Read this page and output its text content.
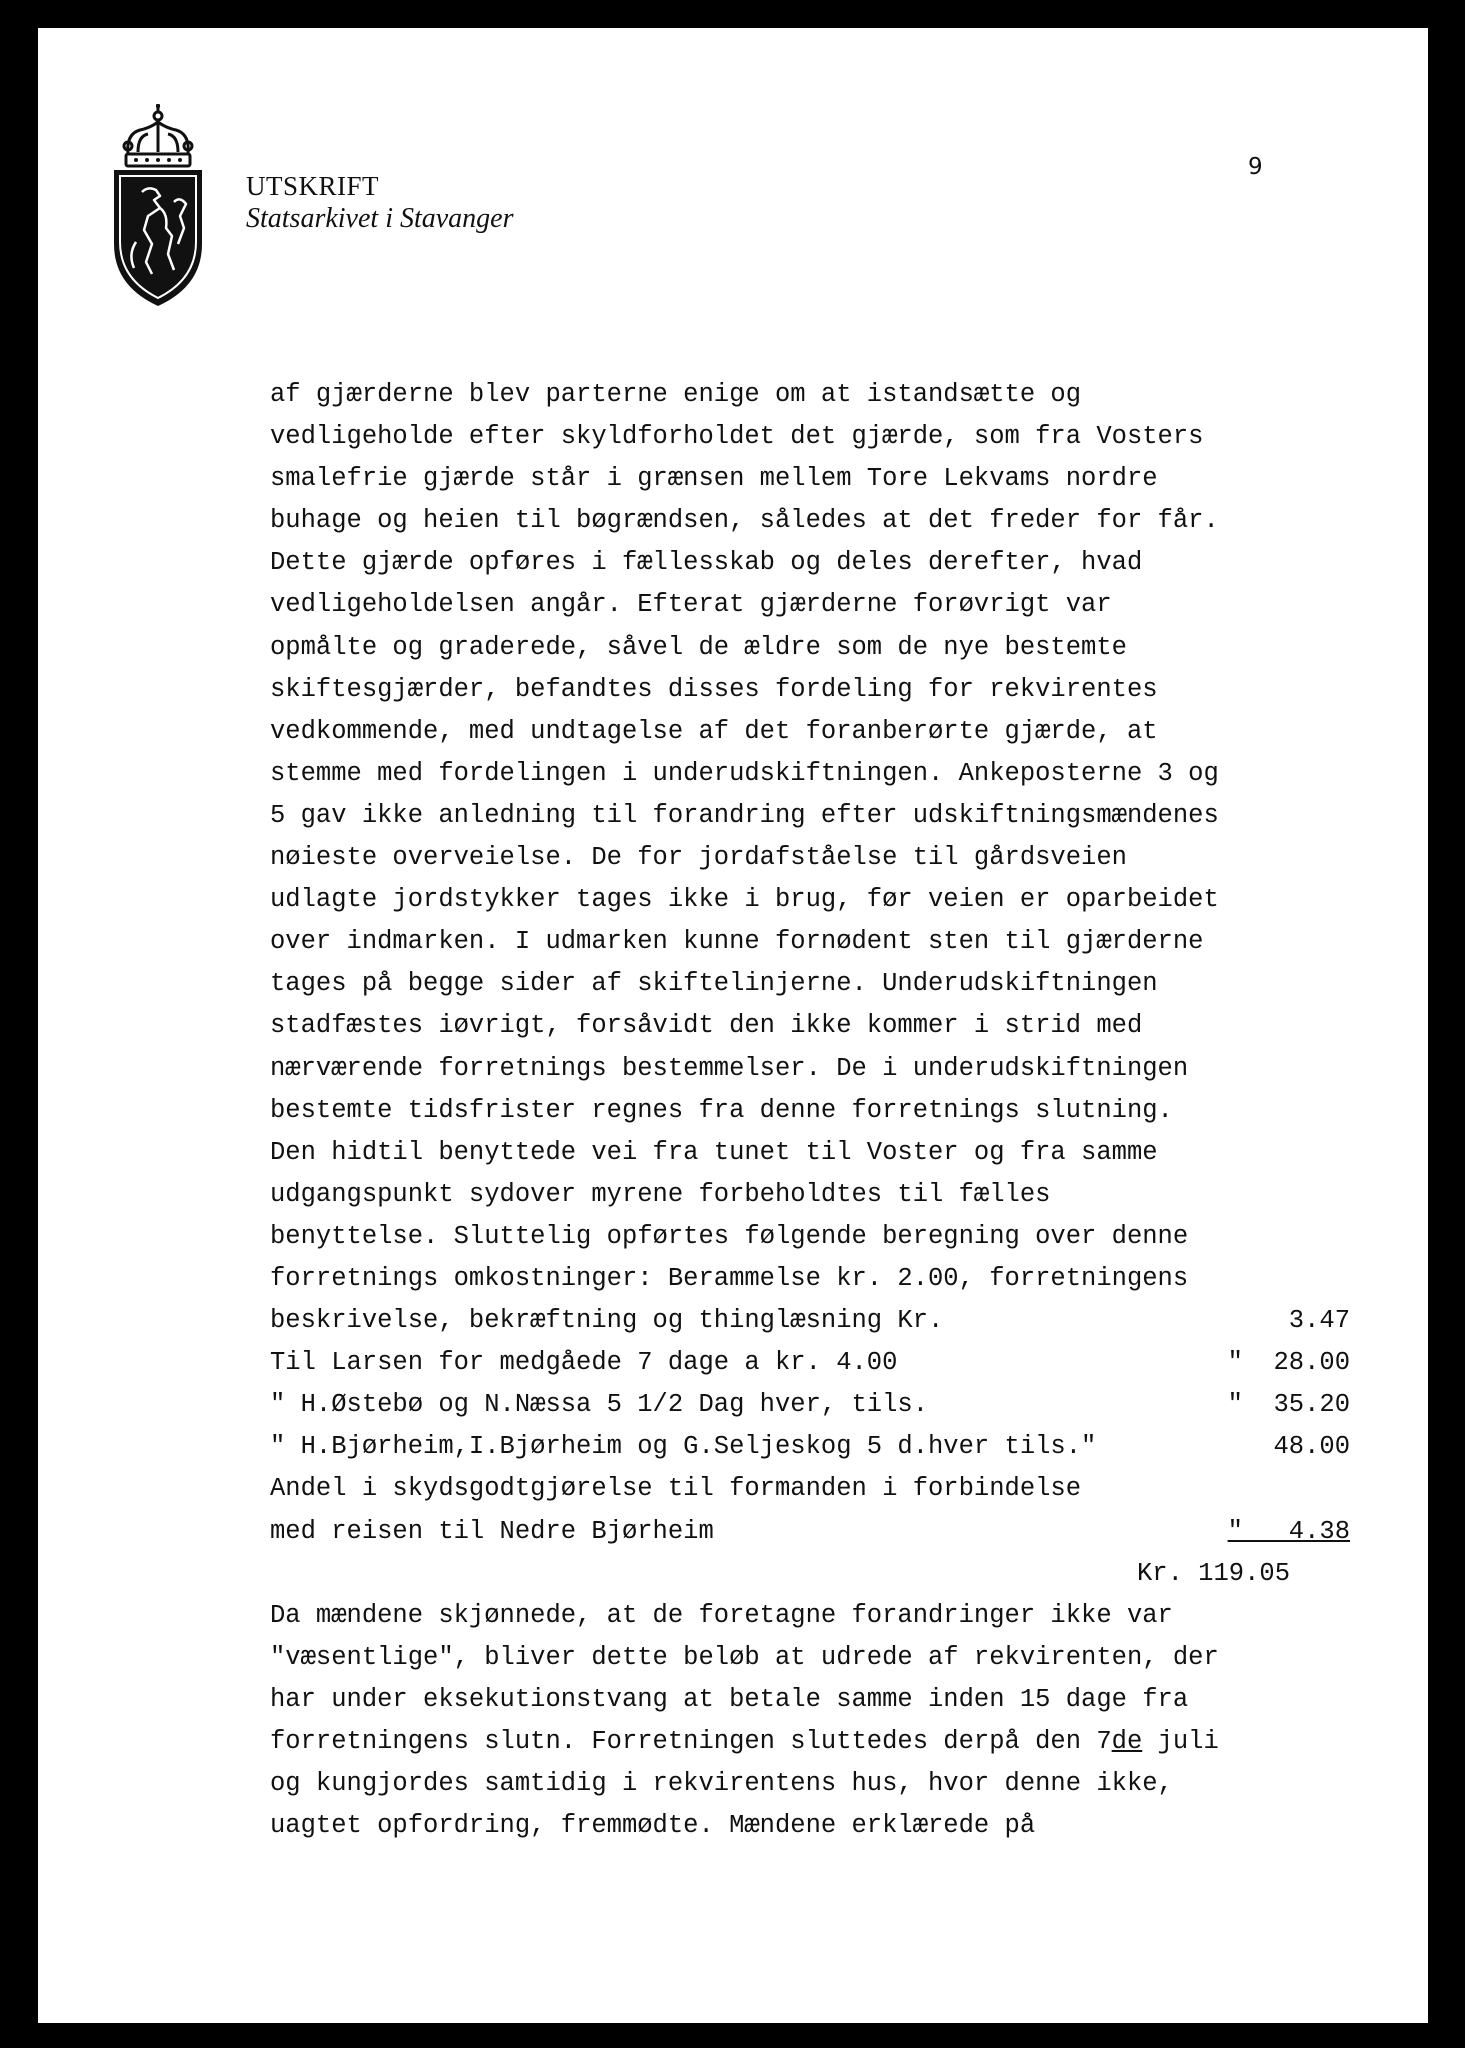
UTSKRIFT
Statsarkivet i Stavanger
9
af gjærderne blev parterne enige om at istandsætte og
vedligeholde efter skyldforholdet det gjærde, som fra Vosters
smalefrie gjærde står i grænsen mellem Tore Lekvams nordre
buhage og heien til bøgrændsen, således at det freder for får.
Dette gjærde opføres i fællesskab og deles derefter, hvad
vedligeholdelsen angår. Efterat gjærderne forøvrigt var
opmålte og graderede, såvel de ældre som de nye bestemte
skiftesgjærder, befandtes disses fordeling for rekvirentes
vedkommende, med undtagelse af det foranberørte gjærde, at
stemme med fordelingen i underudskiftningen. Ankeposterne 3 og
5 gav ikke anledning til forandring efter udskiftningsmændenes
nøieste overveielse. De for jordafståelse til gårdsveien
udlagte jordstykker tages ikke i brug, før veien er oparbeidet
over indmarken. I udmarken kunne fornødent sten til gjærderne
tages på begge sider af skiftelinjerne. Underudskiftningen
stadfæstes iøvrigt, forsåvidt den ikke kommer i strid med
nærværende forretnings bestemmelser. De i underudskiftningen
bestemte tidsfrister regnes fra denne forretnings slutning.
Den hidtil benyttede vei fra tunet til Voster og fra samme
udgangspunkt sydover myrene forbeholdtes til fælles
benyttelse. Sluttelig opførtes følgende beregning over denne
forretnings omkostninger: Berammelse kr. 2.00, forretningens
beskrivelse, bekræftning og thinglæsning Kr.	3.47
Til Larsen for medgåede 7 dage a kr. 4.00	"  28.00
" H.Østebø og N.Næssa 5 1/2 Dag hver, tils.	"  35.20
" H.Bjørheim,I.Bjørheim og G.Seljeskog 5 d.hver tils."	48.00
Andel i skydsgodtgjørelse til formanden i forbindelse
med reisen til Nedre Bjørheim	"   4.38
Kr. 119.05
Da mændene skjønnede, at de foretagne forandringer ikke var
"væsentlige", bliver dette beløb at udrede af rekvirenten, der
har under eksekutionstvang at betale samme inden 15 dage fra
forretningens slutn. Forretningen sluttedes derpå den 7de juli
og kungjordes samtidig i rekvirentens hus, hvor denne ikke,
uagtet opfordring, fremmødte. Mændene erklærede på
